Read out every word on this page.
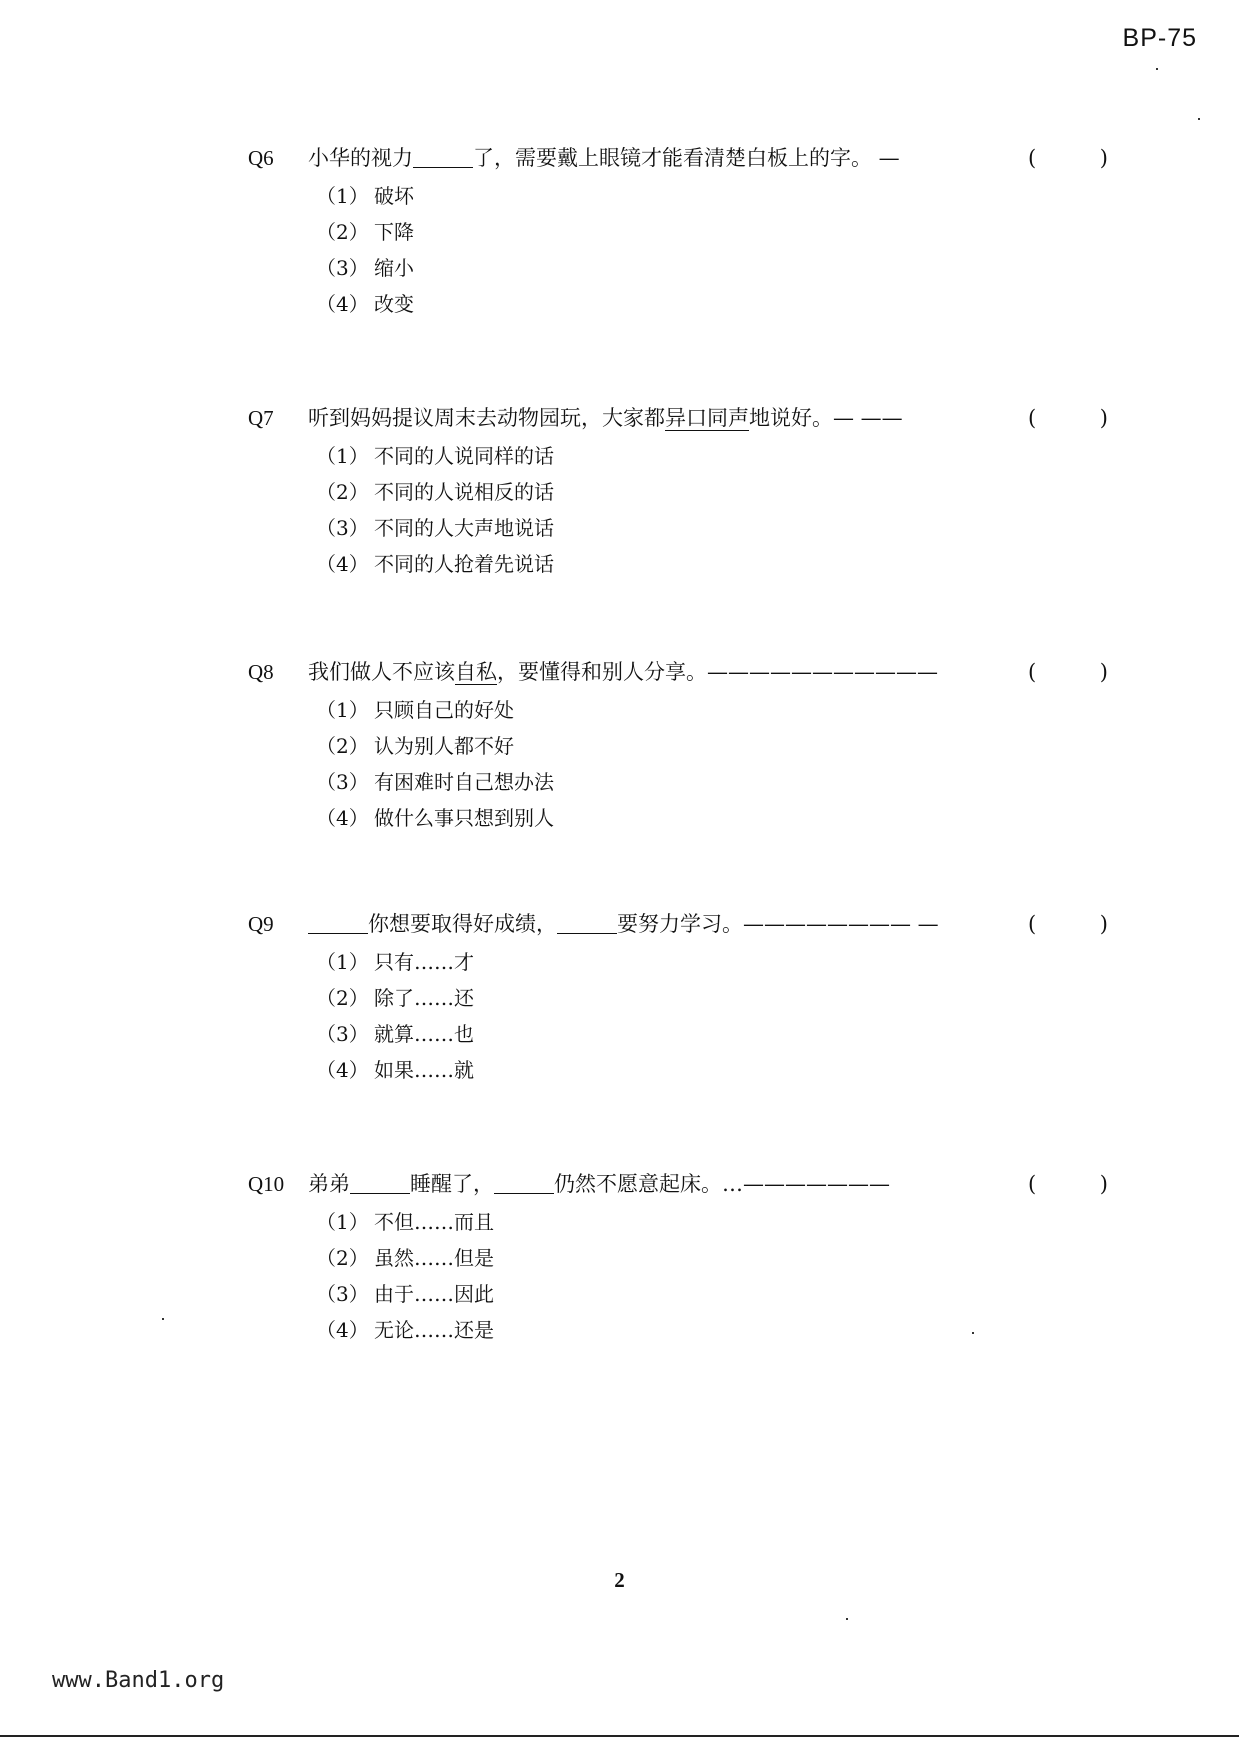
BP-75
Q6 小华的视力	了，需要戴上眼镜才能看清楚白板上的字。 —	(	)
（1） 破坏
（2） 下降
（3） 缩小
（4） 改变
Q7 听到妈妈提议周末去动物园玩，大家都异口同声地说好。— ——	(	)
（1） 不同的人说同样的话
（2） 不同的人说相反的话
（3） 不同的人大声地说话
（4） 不同的人抢着先说话
Q8 我们做人不应该自私，要懂得和别人分享。———————————	(	)
（1） 只顾自己的好处
（2） 认为别人都不好
（3） 有困难时自己想办法
（4） 做什么事只想到别人
Q9	你想要取得好成绩，	要努力学习。———————— —	(	)
（1） 只有……才
（2） 除了……还
（3） 就算……也
（4） 如果……就
Q10 弟弟	睡醒了，	仍然不愿意起床。…———————	(	)
（1） 不但……而且
（2） 虽然……但是
（3） 由于……因此
（4） 无论……还是
2
www.Band1.org
